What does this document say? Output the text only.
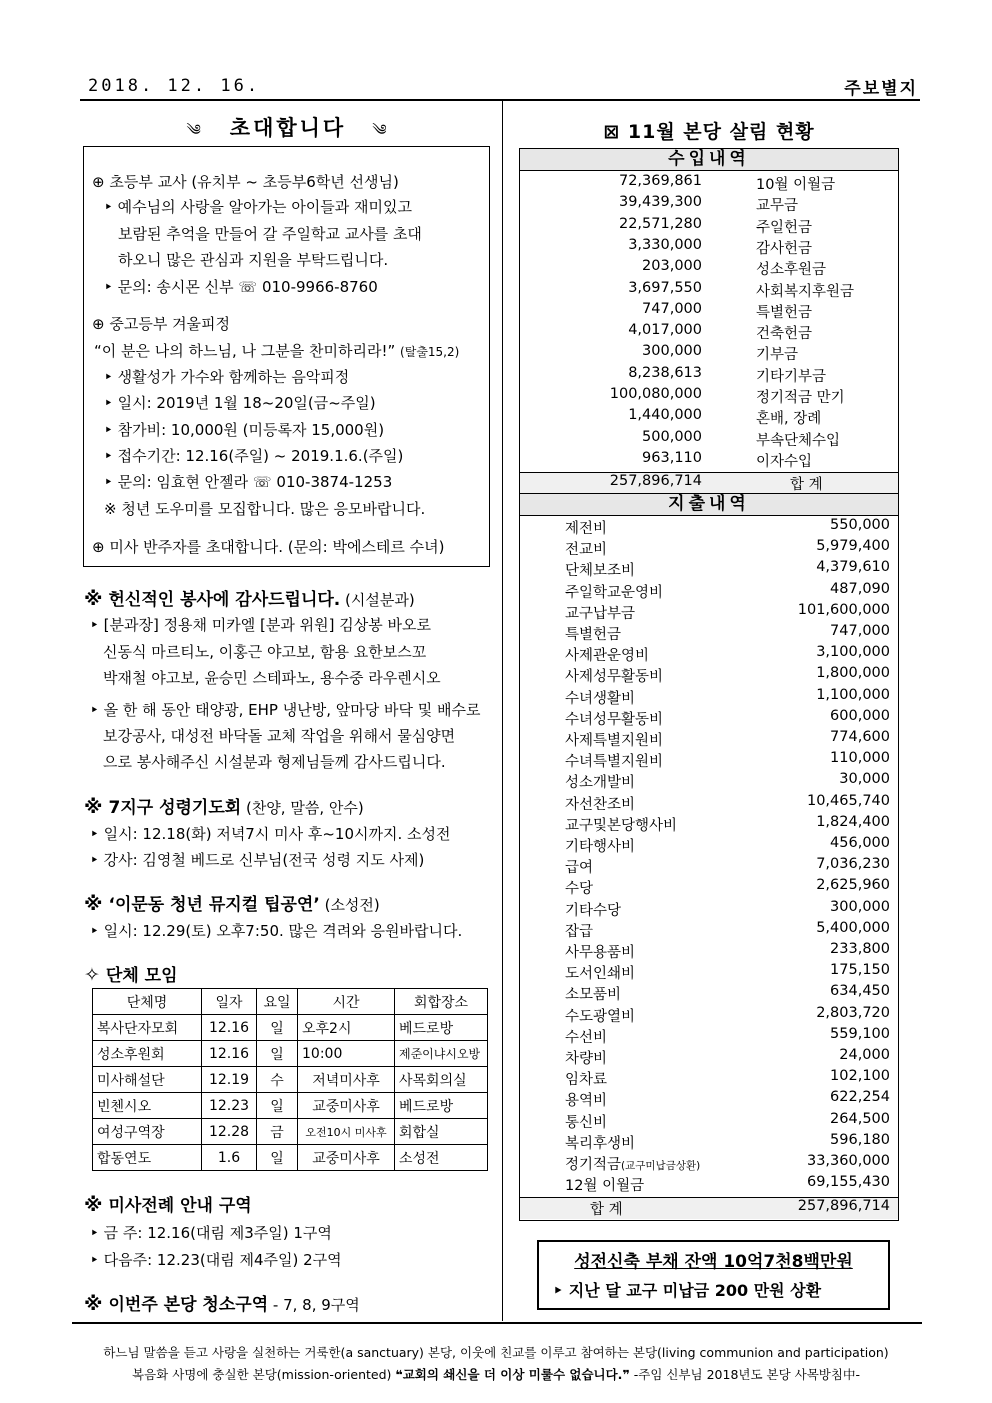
2018. 12. 16.	주보별지
༄ 초대합니다 ༄
⊕ 초등부 교사 (유치부 ~ 초등부6학년 선생님)
‣ 예수님의 사랑을 알아가는 아이들과 재미있고
보람된 추억을 만들어 갈 주일학교 교사를 초대
하오니 많은 관심과 지원을 부탁드립니다.
‣ 문의: 송시몬 신부 ☏ 010-9966-8760
⊕ 중고등부 겨울피정
“이 분은 나의 하느님, 나 그분을 찬미하리라!” (탈출15,2)
‣ 생활성가 가수와 함께하는 음악피정
‣ 일시: 2019년 1월 18~20일(금~주일)
‣ 참가비: 10,000원 (미등록자 15,000원)
‣ 접수기간: 12.16(주일) ~ 2019.1.6.(주일)
‣ 문의: 임효현 안젤라 ☏ 010-3874-1253
※ 청년 도우미를 모집합니다. 많은 응모바랍니다.
⊕ 미사 반주자를 초대합니다. (문의: 박에스테르 수녀)
※ 헌신적인 봉사에 감사드립니다. (시설분과)
‣ [분과장] 정용채 미카엘 [분과 위원] 김상봉 바오로
신동식 마르티노, 이홍근 야고보, 함용 요한보스꼬
박재철 야고보, 윤승민 스테파노, 용수중 라우렌시오
‣ 올 한 해 동안 태양광, EHP 냉난방, 앞마당 바닥 및 배수로
보강공사, 대성전 바닥돌 교체 작업을 위해서 물심양면
으로 봉사해주신 시설분과 형제님들께 감사드립니다.
※ 7지구 성령기도회 (찬양, 말씀, 안수)
‣ 일시: 12.18(화) 저녁7시 미사 후~10시까지. 소성전
‣ 강사: 김영철 베드로 신부님(전국 성령 지도 사제)
※ ‘이문동 청년 뮤지컬 팁공연’ (소성전)
‣ 일시: 12.29(토) 오후7:50. 많은 격려와 응원바랍니다.
✧ 단체 모임
단체명	일자	요일	시간	회합장소
복사단자모회	12.16	일	오후2시	베드로방
성소후원회	12.16	일	10:00	제준이냐시오방
미사해설단	12.19	수	저녁미사후	사목회의실
빈첸시오	12.23	일	교중미사후	베드로방
여성구역장	12.28	금	오전10시 미사후	회합실
합동연도	1.6	일	교중미사후	소성전
※ 미사전례 안내 구역
‣ 금 주: 12.16(대림 제3주일) 1구역
‣ 다음주: 12.23(대림 제4주일) 2구역
※ 이번주 본당 청소구역 - 7, 8, 9구역
⊠ 11월 본당 살림 현황
수입내역
72,369,861	10월 이월금
39,439,300	교무금
22,571,280	주일헌금
3,330,000	감사헌금
203,000	성소후원금
3,697,550	사회복지후원금
747,000	특별헌금
4,017,000	건축헌금
300,000	기부금
8,238,613	기타기부금
100,080,000	정기적금 만기
1,440,000	혼배, 장례
500,000	부속단체수입
963,110	이자수입
257,896,714	합 계
지출내역
제전비	550,000
전교비	5,979,400
단체보조비	4,379,610
주일학교운영비	487,090
교구납부금	101,600,000
특별헌금	747,000
사제관운영비	3,100,000
사제성무활동비	1,800,000
수녀생활비	1,100,000
수녀성무활동비	600,000
사제특별지원비	774,600
수녀특별지원비	110,000
성소개발비	30,000
자선찬조비	10,465,740
교구및본당행사비	1,824,400
기타행사비	456,000
급여	7,036,230
수당	2,625,960
기타수당	300,000
잡급	5,400,000
사무용품비	233,800
도서인쇄비	175,150
소모품비	634,450
수도광열비	2,803,720
수선비	559,100
차량비	24,000
임차료	102,100
용역비	622,254
통신비	264,500
복리후생비	596,180
정기적금(교구미납금상환)	33,360,000
12월 이월금	69,155,430
합 계	257,896,714
성전신축 부채 잔액 10억7천8백만원
‣ 지난 달 교구 미납금 200 만원 상환
하느님 말씀을 듣고 사랑을 실천하는 거룩한(a sanctuary) 본당, 이웃에 친교를 이루고 참여하는 본당(living communion and participation)
복음화 사명에 충실한 본당(mission-oriented) ❝교회의 쇄신을 더 이상 미룰수 없습니다.❞ -주임 신부님 2018년도 본당 사목방침中-
